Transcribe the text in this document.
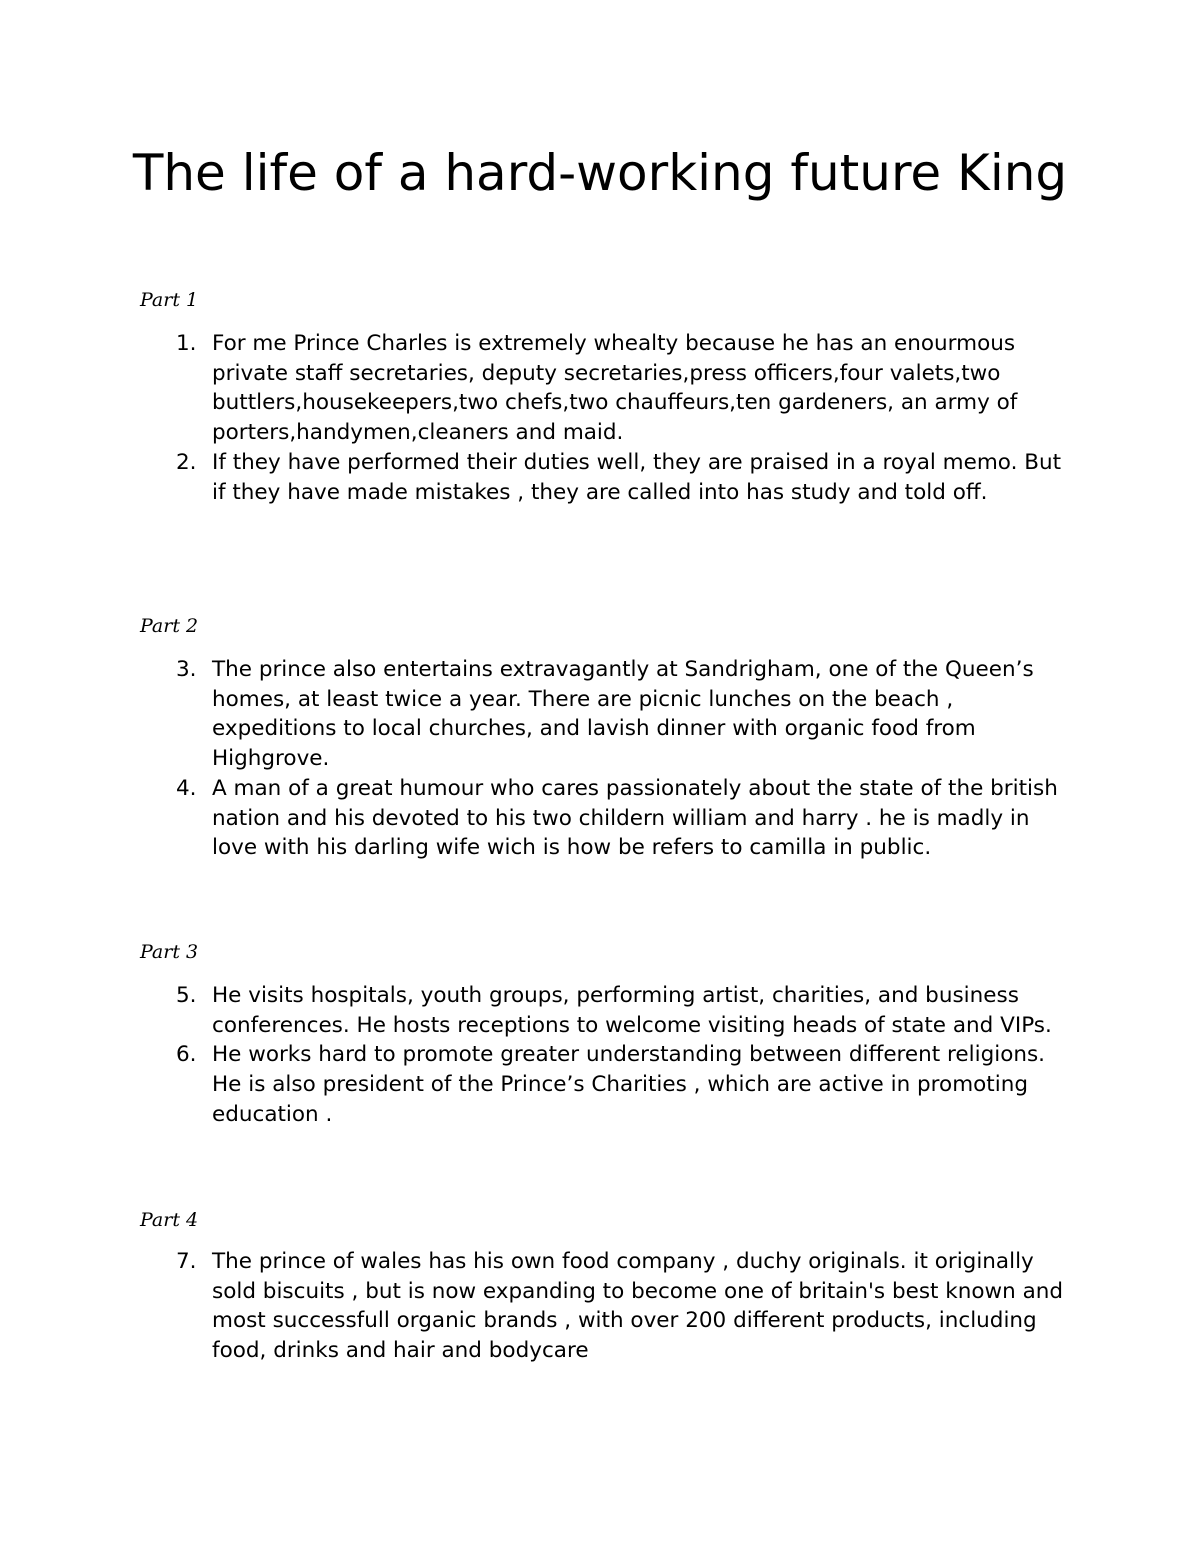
The life of a hard-working future King

Part 1

1. For me Prince Charles is extremely whealty because he has an enourmous private staff secretaries, deputy secretaries,press officers,four valets,two buttlers,housekeepers,two chefs,two chauffeurs,ten gardeners, an army of porters,handymen,cleaners and maid.
2. If they have performed their duties well, they are praised in a royal memo. But if they have made mistakes , they are called into has study and told off.

Part 2

3. The prince also entertains extravagantly at Sandrigham, one of the Queen’s homes, at least twice a year. There are picnic lunches on the beach , expeditions to local churches, and lavish dinner with organic food from Highgrove.
4. A man of a great humour who cares passionately about the state of the british nation and his devoted to his two childern william and harry . he is madly in love with his darling wife wich is how be refers to camilla in public.

Part 3

5. He visits hospitals, youth groups, performing artist, charities, and business conferences. He hosts receptions to welcome visiting heads of state and VIPs.
6. He works hard to promote greater understanding between different religions. He is also president of the Prince’s Charities , which are active in promoting education .

Part 4

7. The prince of wales has his own food company , duchy originals. it originally sold biscuits , but is now expanding to become one of britain's best known and most successfull organic brands , with over 200 different products, including food, drinks and hair and bodycare
